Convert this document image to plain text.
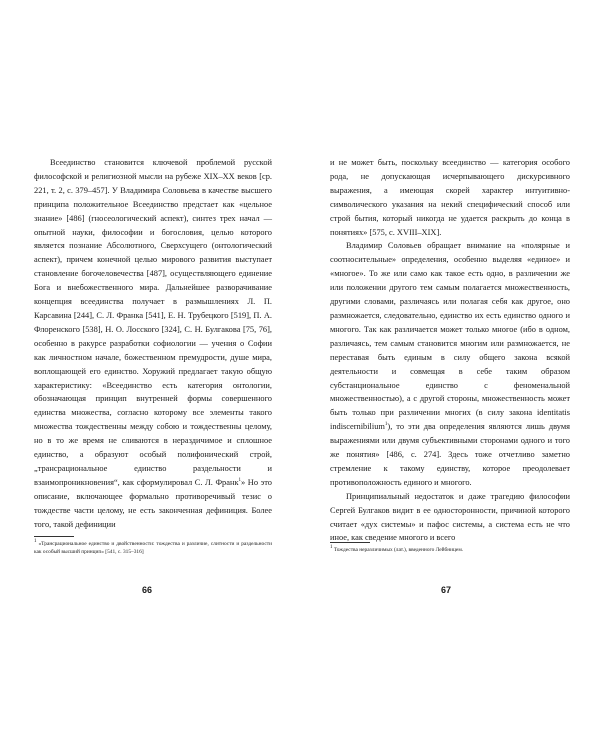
Всеединство становится ключевой проблемой русской философской и религиозной мысли на рубеже XIX–XX веков [ср. 221, т. 2, с. 379–457]. У Владимира Соловьева в качестве высшего принципа положительное Всеединство предстает как «цельное знание» [486] (гносеологический аспект), синтез трех начал — опытной науки, философии и богословия, целью которого является познание Абсолютного, Сверхсущего (онтологический аспект), причем конечной целью мирового развития выступает становление богочеловечества [487], осуществляющего единение Бога и внебожественного мира. Дальнейшее разворачивание концепция всеединства получает в размышлениях Л. П. Карсавина [244], С. Л. Франка [541], Е. Н. Трубецкого [519], П. А. Флоренского [538], Н. О. Лосского [324], С. Н. Булгакова [75, 76], особенно в ракурсе разработки софиологии — учения о Софии как личностном начале, божественном премудрости, душе мира, воплощающей его единство. Хоружий предлагает такую общую характеристику: «Всеединство есть категория онтологии, обозначающая принцип внутренней формы совершенного единства множества, согласно которому все элементы такого множества тождественны между собою и тождественны целому, но в то же время не сливаются в нераздичимое и сплошное единство, а образуют особый полифонический строй, „трансрациональное единство раздельности и взаимопроникновения“, как сформулировал С. Л. Франк$^1$» Но это описание, включающее формально противоречивый тезис о тождестве части целому, не есть законченная дефиниция. Более того, такой дефиниции

$^1$ «Трансрациональное единство и двойственности: тождества и различие, слитности и раздельности как особый высший принцип» [541, с. 315–316]
66

и не может быть, поскольку всеединство — категория особого рода, не допускающая исчерпывающего дискурсивного выражения, а имеющая скорей характер интуитивно-символического указания на некий специфический способ или строй бытия, который никогда не удается раскрыть до конца в понятиях» [575, с. XVIII–XIX].

Владимир Соловьев обращает внимание на «полярные и соотносительные» определения, особенно выделяя «единое» и «многое». То же или само как такое есть одно, в различении же или положении другого тем самым полагается множественность, другими словами, различаясь или полагая себя как другое, оно размножается, следовательно, единство их есть единство одного и многого. Так как различается может только многое (ибо в одном, различаясь, тем самым становится многим или размножается, не переставая быть единым в силу общего закона всякой деятельности и совмещая в себе таким образом субстанциональное единство с феноменальной множественностью), а с другой стороны, множественность может быть только при различении многих (в силу закона identitatis indiscernibilium$^1$), то эти два определения являются лишь двумя выражениями или двумя субъективными сторонами одного и того же понятия» [486, с. 274]. Здесь тоже отчетливо заметно стремление к такому единству, которое преодолевает противоположность единого и многого.

Принципиальный недостаток и даже трагедию философии Сергей Булгаков видит в ее односторонности, причиной которого считает «дух системы» и пафос системы, а система есть не что иное, как сведение многого и всего

$^1$ Тождества неразличимых (лат.), введенного Лейбницем.
67
